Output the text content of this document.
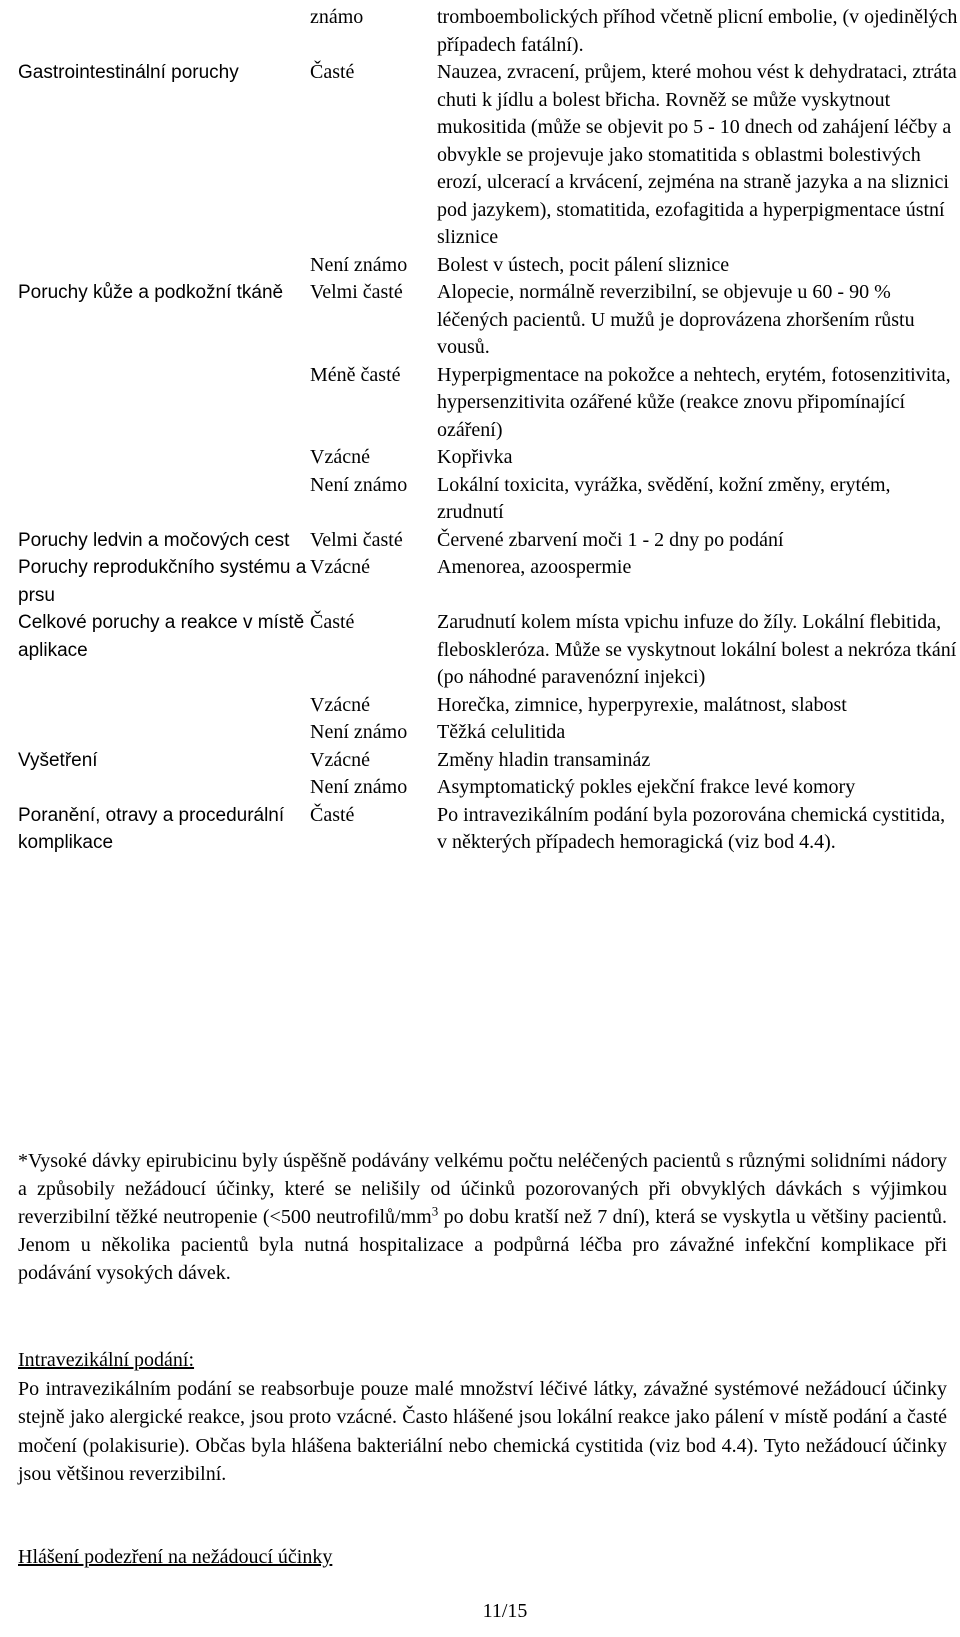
	známo	tromboembolických příhod včetně plicní embolie, (v ojedinělých případech fatální).
Gastrointestinální poruchy	Časté	Nauzea, zvracení, průjem, které mohou vést k dehydrataci, ztráta chuti k jídlu a bolest břicha. Rovněž se může vyskytnout mukositida (může se objevit po 5 - 10 dnech od zahájení léčby a obvykle se projevuje jako stomatitida s oblastmi bolestivých erozí, ulcerací a krvácení, zejména na straně jazyka a na sliznici pod jazykem), stomatitida, ezofagitida a hyperpigmentace ústní sliznice
	Není známo	Bolest v ústech, pocit pálení sliznice
Poruchy kůže a podkožní tkáně	Velmi časté	Alopecie, normálně reverzibilní, se objevuje u 60 - 90 % léčených pacientů. U mužů je doprovázena zhoršením růstu vousů.
	Méně časté	Hyperpigmentace na pokožce a nehtech, erytém, fotosenzitivita, hypersenzitivita ozářené kůže (reakce znovu připomínající ozáření)
	Vzácné	Kopřivka
	Není známo	Lokální toxicita, vyrážka, svědění, kožní změny, erytém, zrudnutí
Poruchy ledvin a močových cest	Velmi časté	Červené zbarvení moči 1 - 2 dny po podání
Poruchy reprodukčního systému a prsu	Vzácné	Amenorea, azoospermie
Celkové poruchy a reakce v místě aplikace	Časté	Zarudnutí kolem místa vpichu infuze do žíly. Lokální flebitida, fleboskleróza. Může se vyskytnout lokální bolest a nekróza tkání (po náhodné paravenózní injekci)
	Vzácné	Horečka, zimnice, hyperpyrexie, malátnost, slabost
	Není známo	Těžká celulitida
Vyšetření	Vzácné	Změny hladin transamináz
	Není známo	Asymptomatický pokles ejekční frakce levé komory
Poranění, otravy a procedurální komplikace	Časté	Po intravezikálním podání byla pozorována chemická cystitida, v některých případech hemoragická (viz bod 4.4).
*Vysoké dávky epirubicinu byly úspěšně podávány velkému počtu neléčených pacientů s různými solidními nádory a způsobily nežádoucí účinky, které se nelišily od účinků pozorovaných při obvyklých dávkách s výjimkou reverzibilní těžké neutropenie (<500 neutrofilů/$mm^3$ po dobu kratší než 7 dní), která se vyskytla u většiny pacientů. Jenom u několika pacientů byla nutná hospitalizace a podpůrná léčba pro závažné infekční komplikace při podávání vysokých dávek.
Intravezikální podání:
Po intravezikálním podání se reabsorbuje pouze malé množství léčivé látky, závažné systémové nežádoucí účinky stejně jako alergické reakce, jsou proto vzácné. Často hlášené jsou lokální reakce jako pálení v místě podání a časté močení (polakisurie). Občas byla hlášena bakteriální nebo chemická cystitida (viz bod 4.4). Tyto nežádoucí účinky jsou většinou reverzibilní.
Hlášení podezření na nežádoucí účinky
11/15
